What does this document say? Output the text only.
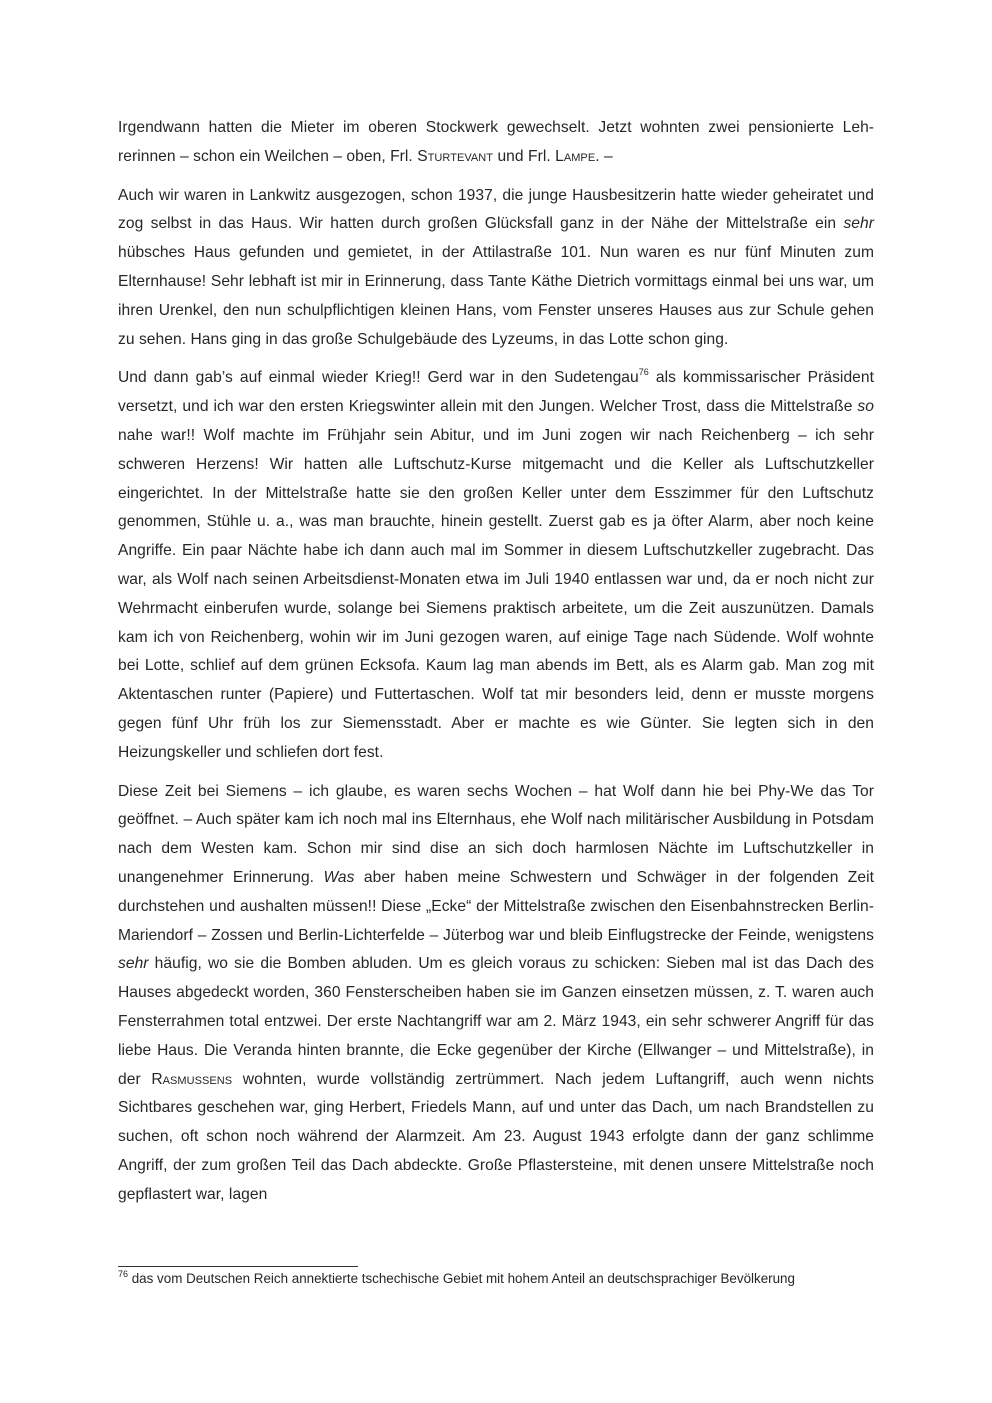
Irgendwann hatten die Mieter im oberen Stockwerk gewechselt. Jetzt wohnten zwei pensionierte Lehrerinnen – schon ein Weilchen – oben, Frl. Sturtevant und Frl. Lampe. –

Auch wir waren in Lankwitz ausgezogen, schon 1937, die junge Hausbesitzerin hatte wieder geheiratet und zog selbst in das Haus. Wir hatten durch großen Glücksfall ganz in der Nähe der Mittelstraße ein sehr hübsches Haus gefunden und gemietet, in der Attilastraße 101. Nun waren es nur fünf Minuten zum Elternhause! Sehr lebhaft ist mir in Erinnerung, dass Tante Käthe Dietrich vormittags einmal bei uns war, um ihren Urenkel, den nun schulpflichtigen kleinen Hans, vom Fenster unseres Hauses aus zur Schule gehen zu sehen. Hans ging in das große Schulgebäude des Lyzeums, in das Lotte schon ging.

Und dann gab’s auf einmal wieder Krieg!! Gerd war in den Sudetengau$^{76}$ als kommissarischer Präsident versetzt, und ich war den ersten Kriegswinter allein mit den Jungen. Welcher Trost, dass die Mittelstraße so nahe war!! Wolf machte im Frühjahr sein Abitur, und im Juni zogen wir nach Reichenberg – ich sehr schweren Herzens! Wir hatten alle Luftschutz-Kurse mitgemacht und die Keller als Luftschutzkeller eingerichtet. In der Mittelstraße hatte sie den großen Keller unter dem Esszimmer für den Luftschutz genommen, Stühle u. a., was man brauchte, hinein gestellt. Zuerst gab es ja öfter Alarm, aber noch keine Angriffe. Ein paar Nächte habe ich dann auch mal im Sommer in diesem Luftschutzkeller zugebracht. Das war, als Wolf nach seinen Arbeitsdienst-Monaten etwa im Juli 1940 entlassen war und, da er noch nicht zur Wehrmacht einberufen wurde, solange bei Siemens praktisch arbeitete, um die Zeit auszunützen. Damals kam ich von Reichenberg, wohin wir im Juni gezogen waren, auf einige Tage nach Südende. Wolf wohnte bei Lotte, schlief auf dem grünen Ecksofa. Kaum lag man abends im Bett, als es Alarm gab. Man zog mit Aktentaschen runter (Papiere) und Futtertaschen. Wolf tat mir besonders leid, denn er musste morgens gegen fünf Uhr früh los zur Siemensstadt. Aber er machte es wie Günter. Sie legten sich in den Heizungskeller und schliefen dort fest.

Diese Zeit bei Siemens – ich glaube, es waren sechs Wochen – hat Wolf dann hie bei Phy-We das Tor geöffnet. – Auch später kam ich noch mal ins Elternhaus, ehe Wolf nach militärischer Ausbildung in Potsdam nach dem Westen kam. Schon mir sind dise an sich doch harmlosen Nächte im Luftschutzkeller in unangenehmer Erinnerung. Was aber haben meine Schwestern und Schwäger in der folgenden Zeit durchstehen und aushalten müssen!! Diese „Ecke“ der Mittelstraße zwischen den Eisenbahnstrecken Berlin-Mariendorf – Zossen und Berlin-Lichterfelde – Jüterbog war und bleib Einflugstrecke der Feinde, wenigstens sehr häufig, wo sie die Bomben abluden. Um es gleich voraus zu schicken: Sieben mal ist das Dach des Hauses abgedeckt worden, 360 Fensterscheiben haben sie im Ganzen einsetzen müssen, z. T. waren auch Fensterrahmen total entzwei. Der erste Nachtangriff war am 2. März 1943, ein sehr schwerer Angriff für das liebe Haus. Die Veranda hinten brannte, die Ecke gegenüber der Kirche (Ellwanger – und Mittelstraße), in der Rasmussens wohnten, wurde vollständig zertrümmert. Nach jedem Luftangriff, auch wenn nichts Sichtbares geschehen war, ging Herbert, Friedels Mann, auf und unter das Dach, um nach Brandstellen zu suchen, oft schon noch während der Alarmzeit. Am 23. August 1943 erfolgte dann der ganz schlimme Angriff, der zum großen Teil das Dach abdeckte. Große Pflastersteine, mit denen unsere Mittelstraße noch gepflastert war, lagen

$^{76}$ das vom Deutschen Reich annektierte tschechische Gebiet mit hohem Anteil an deutschsprachiger Bevölkerung
